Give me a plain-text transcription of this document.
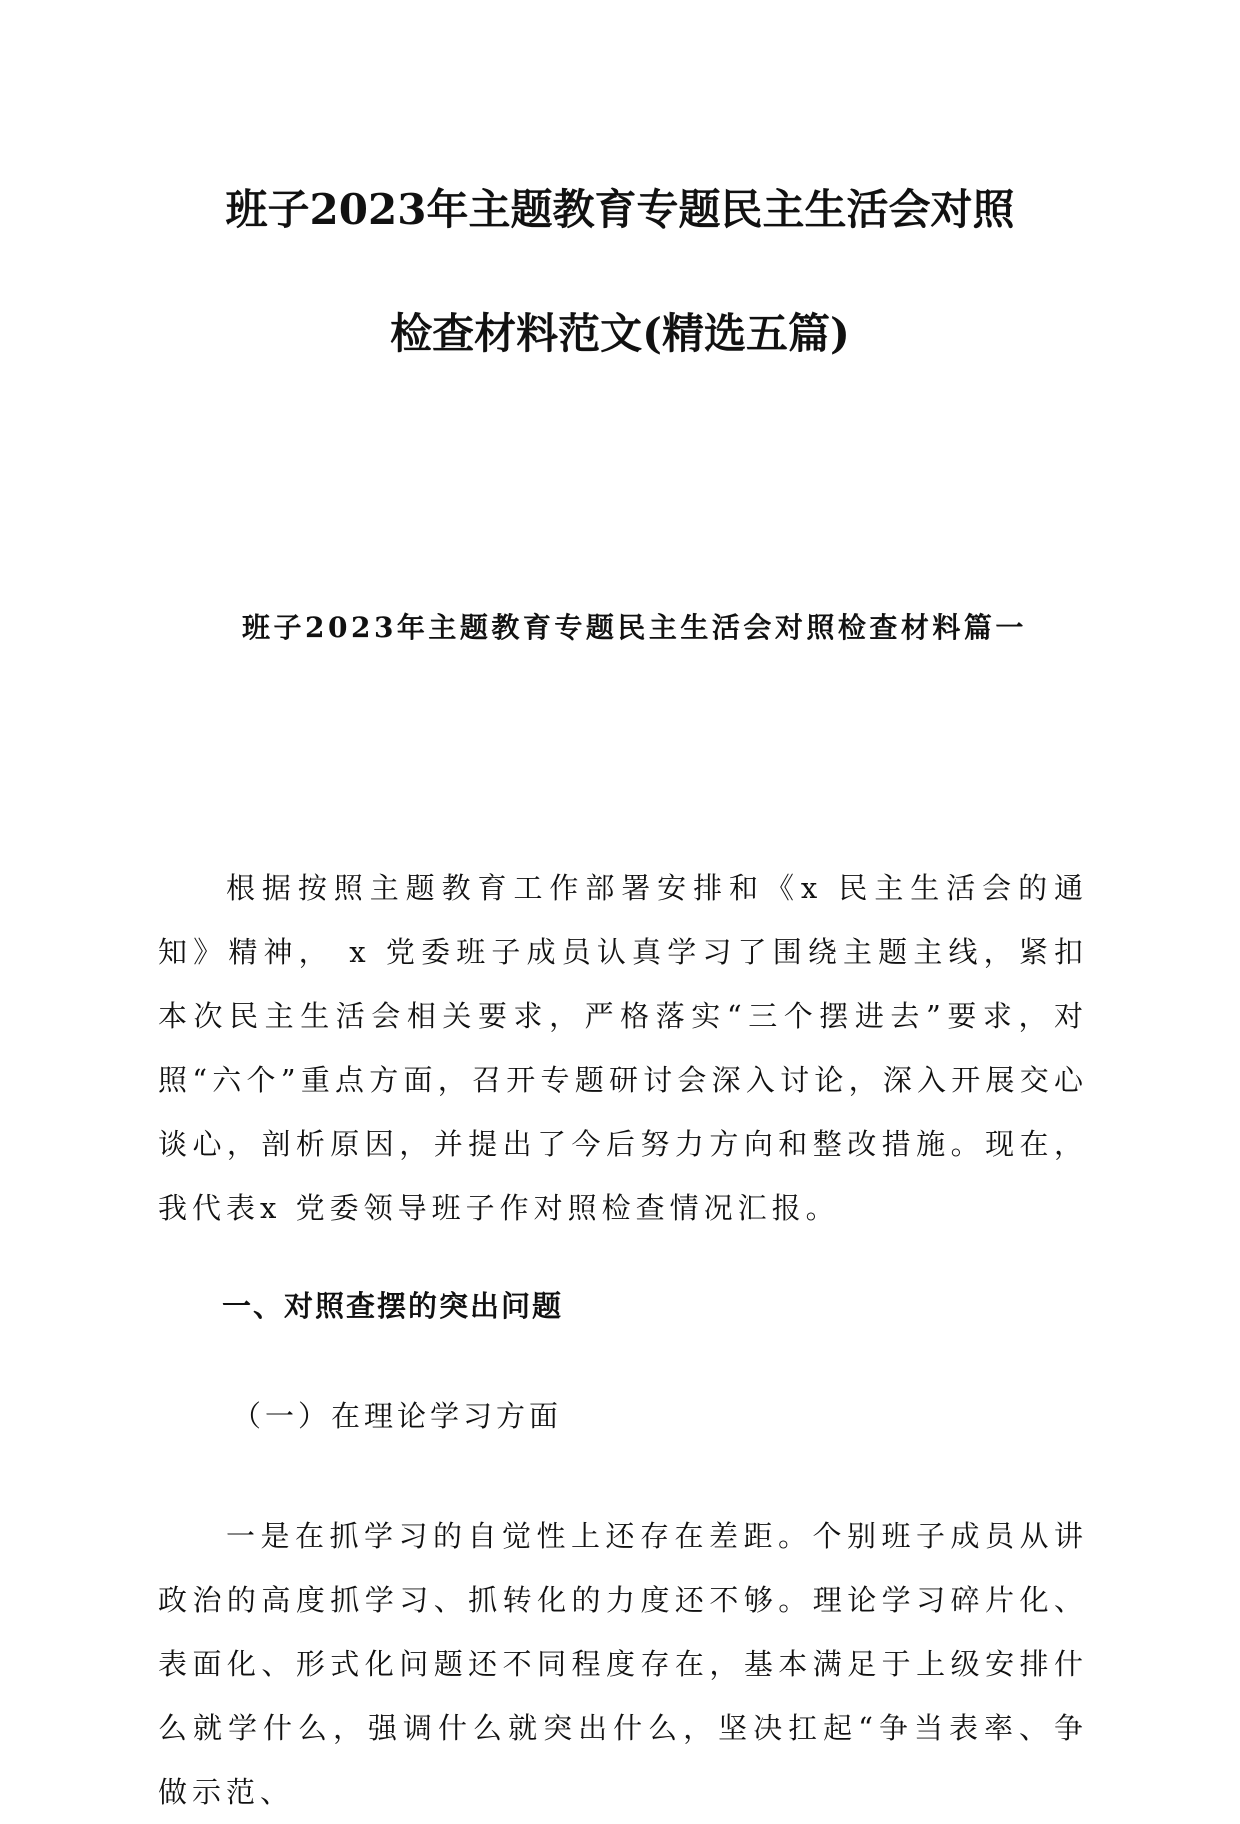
班子2023年主题教育专题民主生活会对照
检查材料范文(精选五篇)
班子2023年主题教育专题民主生活会对照检查材料篇一

根据按照主题教育工作部署安排和《x 民主生活会的通知》精神， x 党委班子成员认真学习了围绕主题主线，紧扣本次民主生活会相关要求，严格落实“三个摆进去”要求，对照“六个”重点方面，召开专题研讨会深入讨论，深入开展交心谈心，剖析原因，并提出了今后努力方向和整改措施。现在，我代表x 党委领导班子作对照检查情况汇报。

一、对照查摆的突出问题
（一）在理论学习方面

一是在抓学习的自觉性上还存在差距。个别班子成员从讲政治的高度抓学习、抓转化的力度还不够。理论学习碎片化、表面化、形式化问题还不同程度存在，基本满足于上级安排什么就学什么，强调什么就突出什么，坚决扛起“争当表率、争做示范、
